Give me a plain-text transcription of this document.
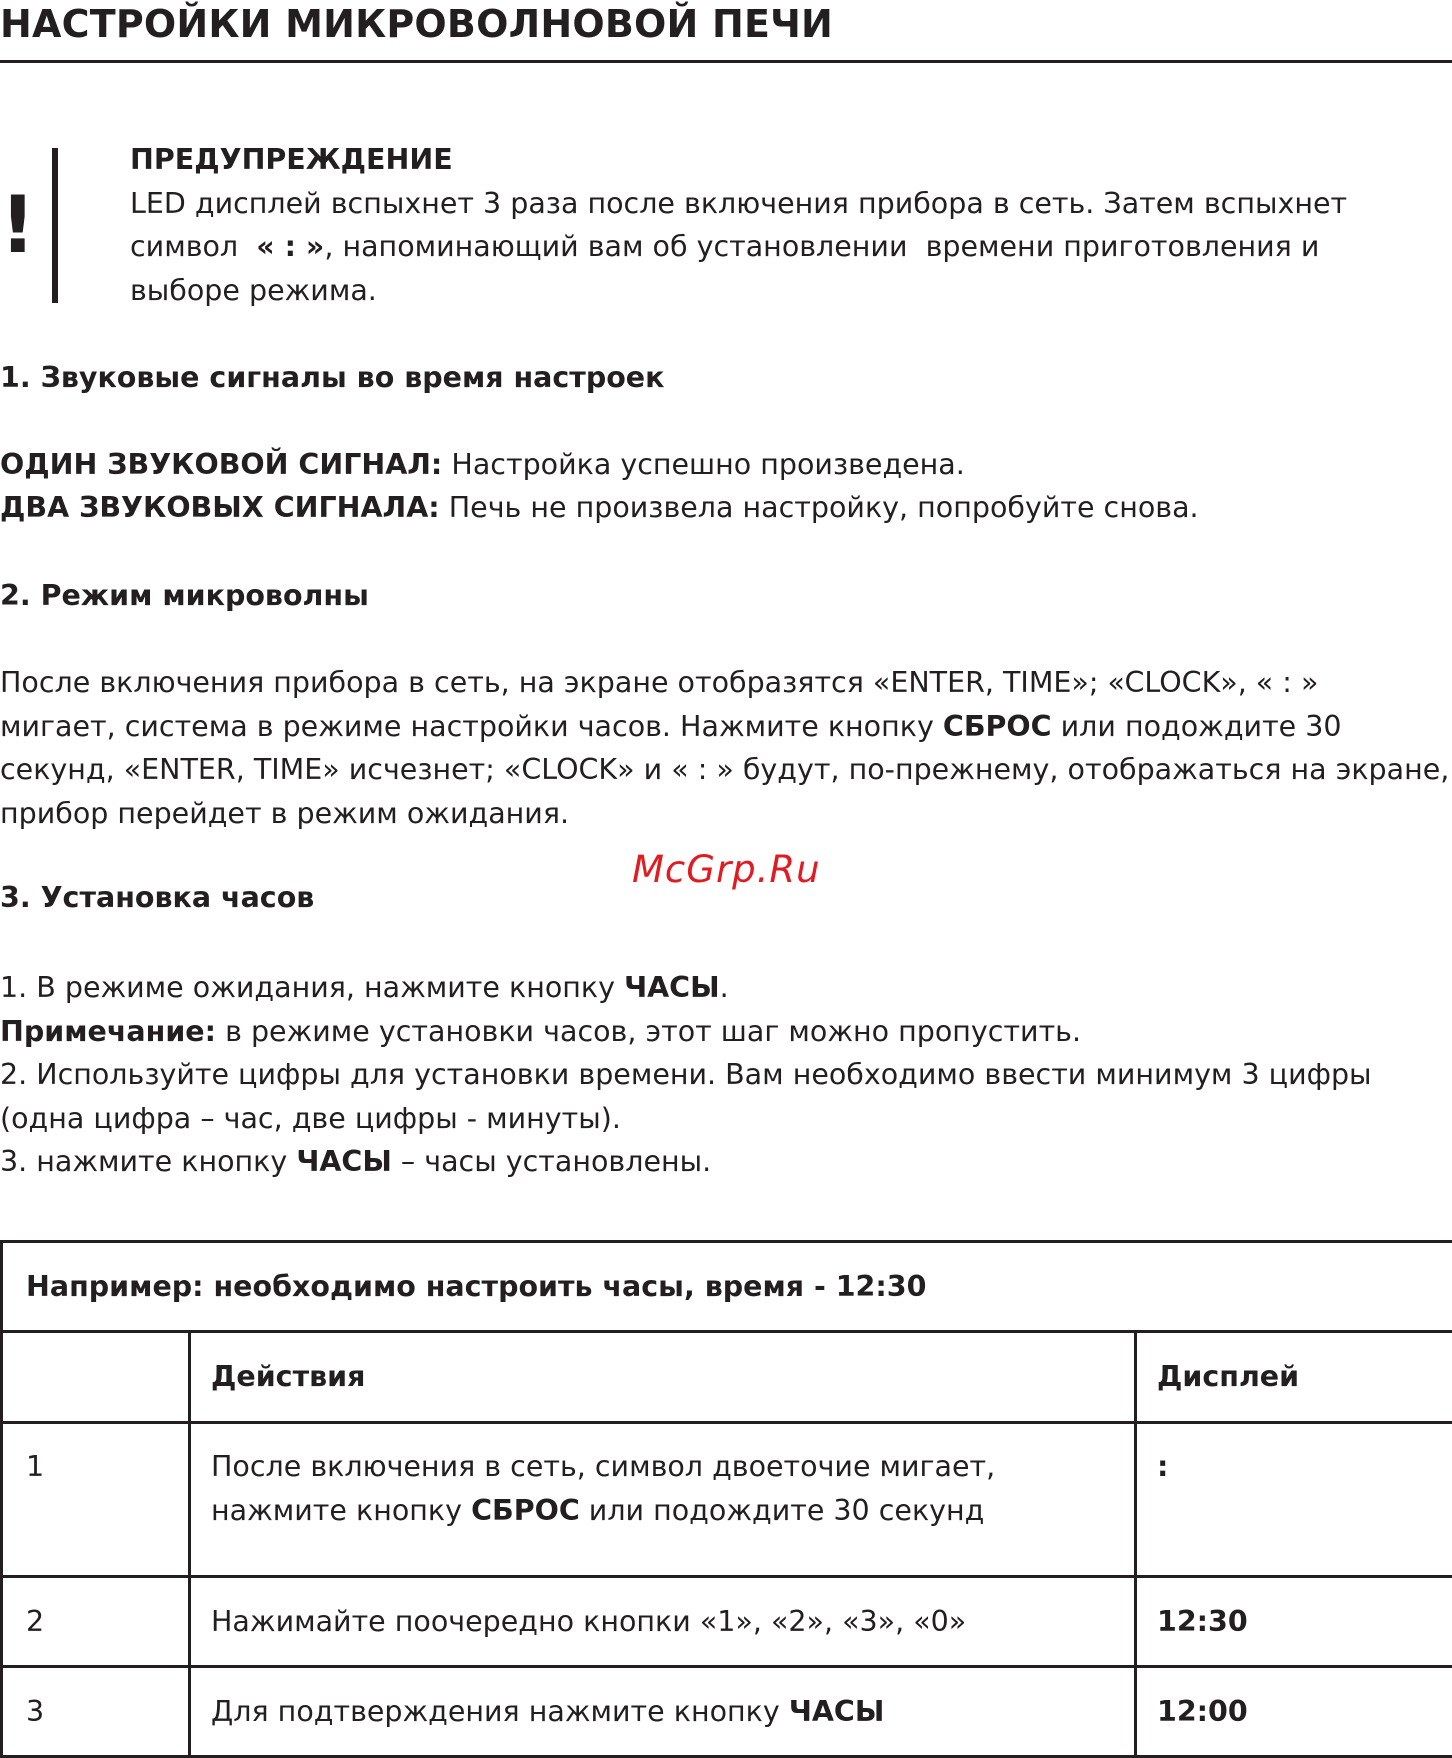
НАСТРОЙКИ МИКРОВОЛНОВОЙ ПЕЧИ
!

ПРЕДУПРЕЖДЕНИЕ

LED дисплей вспыхнет 3 раза после включения прибора в сеть. Затем вспыхнет

символ  « : », напоминающий вам об установлении  времени приготовления и

выборе режима.

1. Звуковые сигналы во время настроек

ОДИН ЗВУКОВОЙ СИГНАЛ: Настройка успешно произведена.

ДВА ЗВУКОВЫХ СИГНАЛА: Печь не произвела настройку, попробуйте снова.

2. Режим микроволны

После включения прибора в сеть, на экране отобразятся «ENTER, TIME»; «CLOCK», « : »

мигает, система в режиме настройки часов. Нажмите кнопку СБРОС или подождите 30

секунд, «ENTER, TIME» исчезнет; «CLOCK» и « : » будут, по-прежнему, отображаться на экране,

прибор перейдет в режим ожидания.

McGrp.Ru
3. Установка часов

1. В режиме ожидания, нажмите кнопку ЧАСЫ.

Примечание: в режиме установки часов, этот шаг можно пропустить.

2. Используйте цифры для установки времени. Вам необходимо ввести минимум 3 цифры

(одна цифра – час, две цифры - минуты).

3. нажмите кнопку ЧАСЫ – часы установлены.

Например: необходимо настроить часы, время - 12:30		
	Действия	Дисплей
1	После включения в сеть, символ двоеточие мигает,
нажмите кнопку СБРОС или подождите 30 секунд	:
2	Нажимайте поочередно кнопки «1», «2», «3», «0»	12:30
3	Для подтверждения нажмите кнопку ЧАСЫ	12:00
